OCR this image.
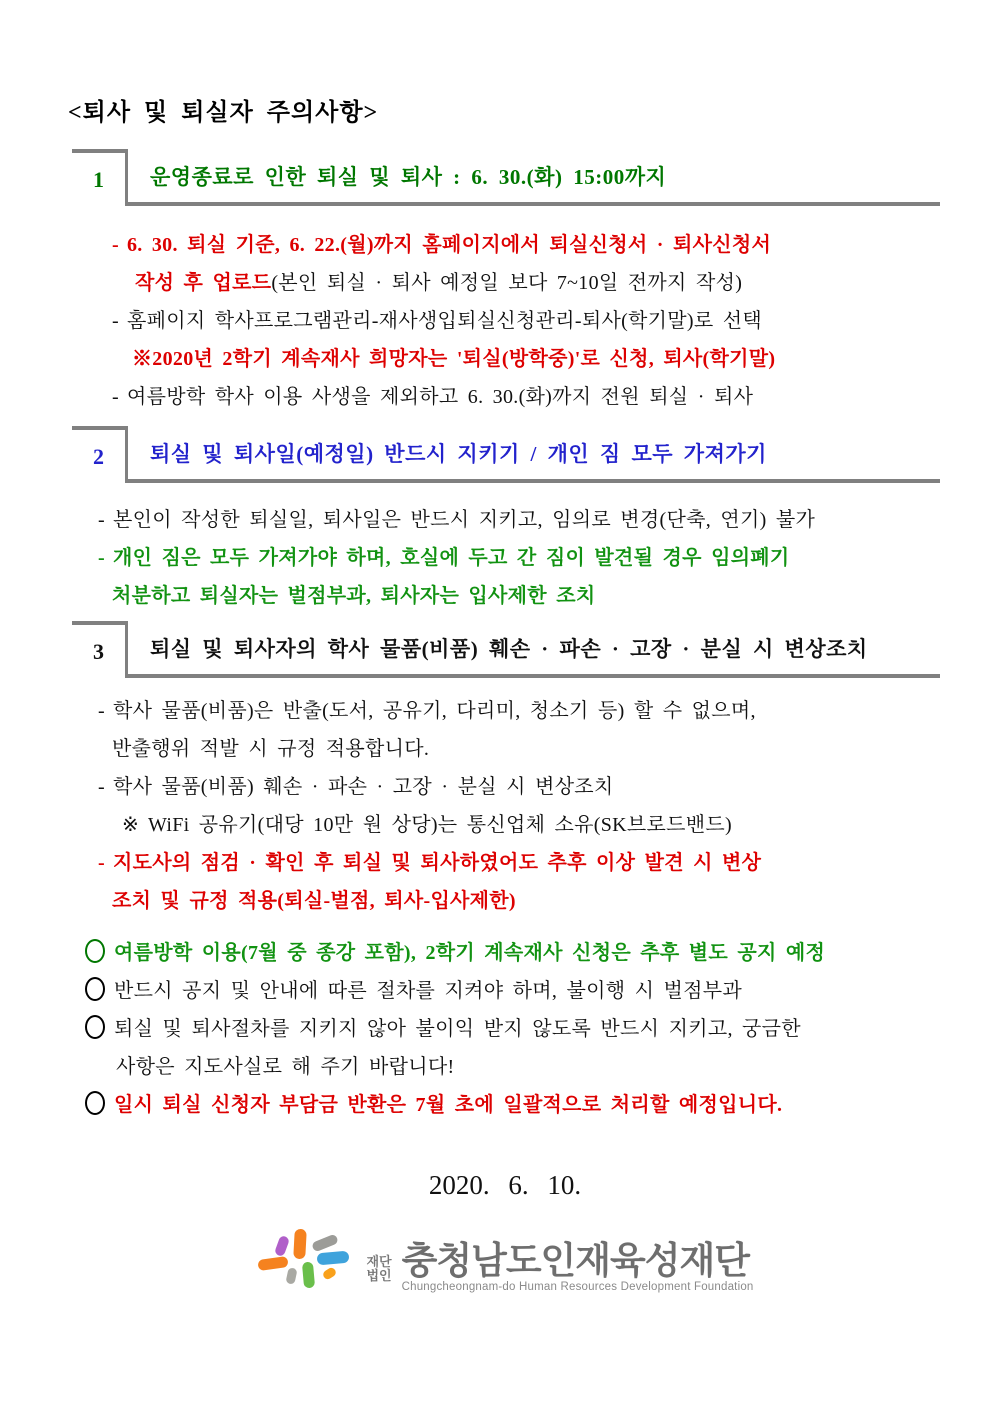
<퇴사 및 퇴실자 주의사항>
1	운영종료로 인한 퇴실 및 퇴사 : 6. 30.(화) 15:00까지

- 6. 30. 퇴실 기준, 6. 22.(월)까지 홈페이지에서 퇴실신청서 · 퇴사신청서

작성 후 업로드(본인 퇴실 · 퇴사 예정일 보다 7~10일 전까지 작성)

- 홈페이지 학사프로그램관리-재사생입퇴실신청관리-퇴사(학기말)로 선택

※2020년 2학기 계속재사 희망자는 '퇴실(방학중)'로 신청, 퇴사(학기말)

- 여름방학 학사 이용 사생을 제외하고 6. 30.(화)까지 전원 퇴실 · 퇴사

2	퇴실 및 퇴사일(예정일) 반드시 지키기 / 개인 짐 모두 가져가기

- 본인이 작성한 퇴실일, 퇴사일은 반드시 지키고, 임의로 변경(단축, 연기) 불가

- 개인 짐은 모두 가져가야 하며, 호실에 두고 간 짐이 발견될 경우 임의폐기

처분하고 퇴실자는 벌점부과, 퇴사자는 입사제한 조치

3	퇴실 및 퇴사자의 학사 물품(비품) 훼손 · 파손 · 고장 · 분실 시 변상조치

- 학사 물품(비품)은 반출(도서, 공유기, 다리미, 청소기 등) 할 수 없으며,

반출행위 적발 시 규정 적용합니다.

- 학사 물품(비품) 훼손 · 파손 · 고장 · 분실 시 변상조치

※ WiFi 공유기(대당 10만 원 상당)는 통신업체 소유(SK브로드밴드)

- 지도사의 점검 · 확인 후 퇴실 및 퇴사하였어도 추후 이상 발견 시 변상

조치 및 규정 적용(퇴실-벌점, 퇴사-입사제한)

여름방학 이용(7월 중 종강 포함), 2학기 계속재사 신청은 추후 별도 공지 예정

반드시 공지 및 안내에 따른 절차를 지켜야 하며, 불이행 시 벌점부과

퇴실 및 퇴사절차를 지키지 않아 불이익 받지 않도록 반드시 지키고, 궁금한

사항은 지도사실로 해 주기 바랍니다!

일시 퇴실 신청자 부담금 반환은 7월 초에 일괄적으로 처리할 예정입니다.

2020. 6. 10.

재단
법인 충청남도인재육성재단
Chungcheongnam-do Human Resources Development Foundation
